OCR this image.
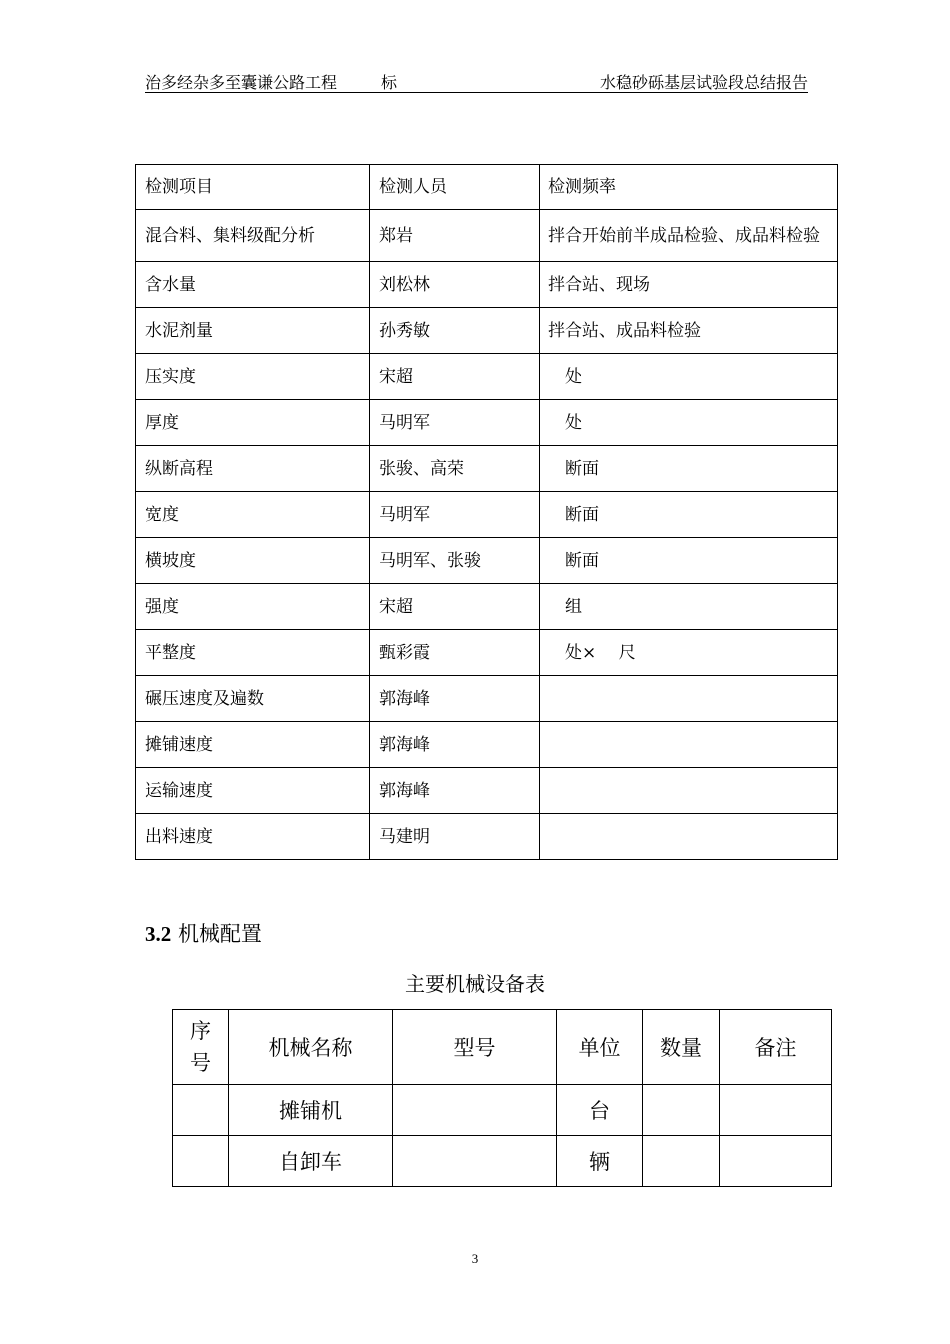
治多经杂多至囊谦公路工程	标	水稳砂砾基层试验段总结报告
检测项目	检测人员	检测频率
混合料、集料级配分析	郑岩	拌合开始前半成品检验、成品料检验
含水量	刘松林	拌合站、现场
水泥剂量	孙秀敏	拌合站、成品料检验
压实度	宋超	　处
厚度	马明军	　处
纵断高程	张骏、高荣	　断面
宽度	马明军	　断面
横坡度	马明军、张骏	　断面
强度	宋超	　组
平整度	甄彩霞	　处×　 尺
碾压速度及遍数	郭海峰	
摊铺速度	郭海峰	
运输速度	郭海峰	
出料速度	马建明	
3.2 机械配置
主要机械设备表
序号	机械名称	型号	单位	数量	备注
	摊铺机		台		
	自卸车		辆		
3
